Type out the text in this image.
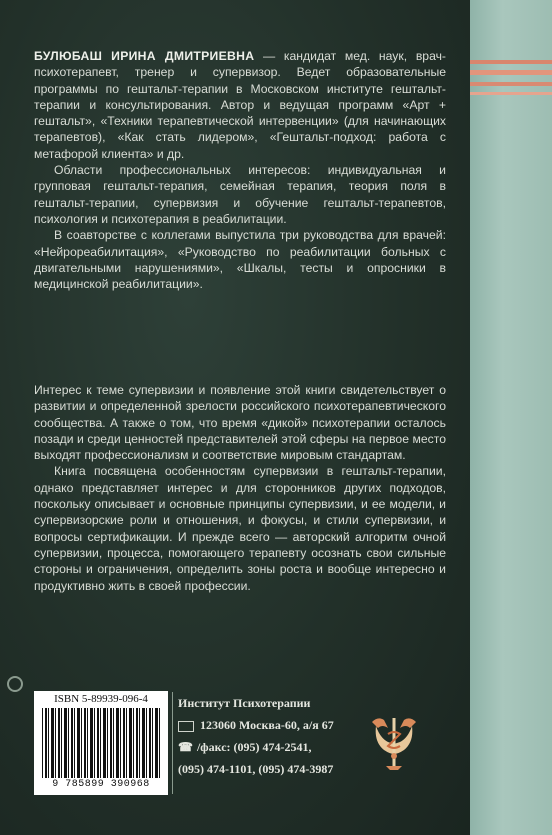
БУЛЮБАШ ИРИНА ДМИТРИЕВНА — кандидат мед. наук, врач-психотерапевт, тренер и супервизор. Ведет образовательные программы по гештальт-терапии в Московском институте гештальт-терапии и консультирования. Автор и ведущая программ «Арт + гештальт», «Техники терапевтической интервенции» (для начинающих терапевтов), «Как стать лидером», «Гештальт-подход: работа с метафорой клиента» и др.

Области профессиональных интересов: индивидуальная и групповая гештальт-терапия, семейная терапия, теория поля в гештальт-терапии, супервизия и обучение гештальт-терапевтов, психология и психотерапия в реабилитации.

В соавторстве с коллегами выпустила три руководства для врачей: «Нейрореабилитация», «Руководство по реабилитации больных с двигательными нарушениями», «Шкалы, тесты и опросники в медицинской реабилитации».

Интерес к теме супервизии и появление этой книги свидетельствует о развитии и определенной зрелости российского психотерапевтического сообщества. А также о том, что время «дикой» психотерапии осталось позади и среди ценностей представителей этой сферы на первое место выходят профессионализм и соответствие мировым стандартам.

Книга посвящена особенностям супервизии в гештальт-терапии, однако представляет интерес и для сторонников других подходов, поскольку описывает и основные принципы супервизии, и ее модели, и супервизорские роли и отношения, и фокусы, и стили супервизии, и вопросы сертификации. И прежде всего — авторский алгоритм очной супервизии, процесса, помогающего терапевту осознать свои сильные стороны и ограничения, определить зоны роста и вообще интересно и продуктивно жить в своей профессии.

ISBN 5-89939-096-4
9 785899 390968
Институт Психотерапии
123060 Москва-60, а/я 67
☎ /факс: (095) 474-2541,
(095) 474-1101, (095) 474-3987
